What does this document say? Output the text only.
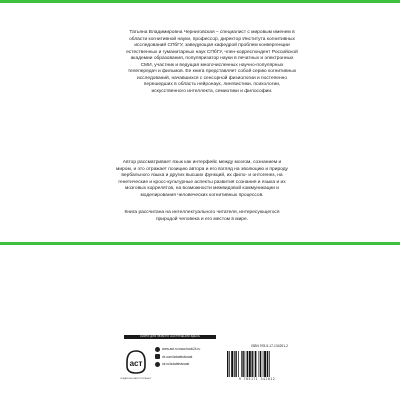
Татьяна Владимировна Черниговская – специалист с мировым именем в области когнитивной науки, профессор, директор Института когнитивных исследований СПбГУ, заведующая кафедрой проблем конвергенции естественных и гуманитарных наук СПбГУ, член-корреспондент Российской академии образования, популяризатор науки в печатных и электронных СМИ, участник и ведущая многочисленных научно-популярных телепередач и фильмов. Ее книга представляет собой серию когнитивных исследований, начавшихся с сенсорной физиологии и постепенно перешедших в область нейронаук, лингвистики, психологии, искусственного интеллекта, семиотики и философии.

Автор рассматривает язык как интерфейс между мозгом, сознанием и миром, и это отражает позицию автора и его взгляд на эволюцию и природу вербального языка и других высших функций, их фило- и онтогенез, на генетические и кросс-культурные аспекты развития сознания и языка и их мозговых коррелятов, на возможности межвидовой коммуникации и моделирования человеческих когнитивных процессов.

Книга рассчитана на интеллектуального читателя, интересующегося природой человека и его местом в мире.

КНИГИ ДЛЯ ЛЮБОГО НАСТРОЕНИЯ ЗДЕСЬ
аст
ИЗДАТЕЛЬСКАЯ ГРУППА АСТ
www.ast.ru www.book24.ru
vk.com/izdatelstvoast
ok.ru/izdatelstvoast
ISBN 978-5-17-134201-2
9 785171 342012
